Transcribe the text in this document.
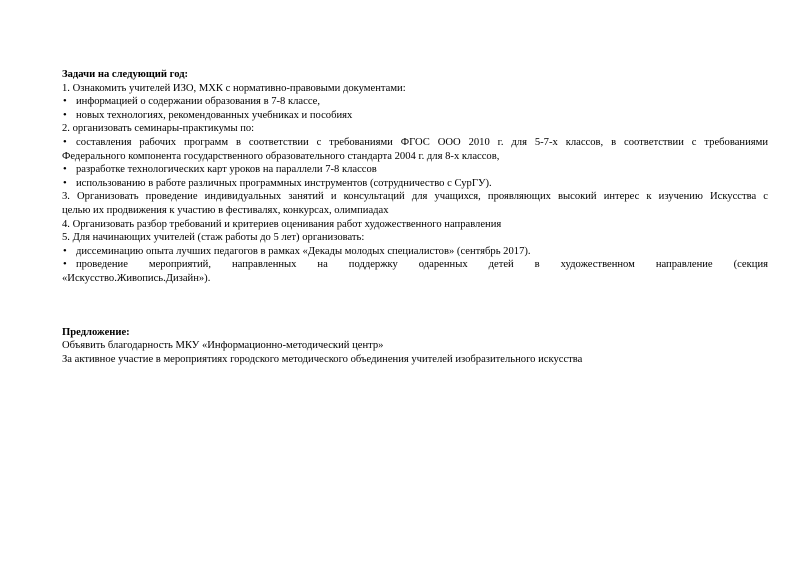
Задачи на следующий год:
1. Ознакомить учителей ИЗО, МХК с нормативно-правовыми документами:
• информацией о содержании образования в 7-8 классе,
• новых технологиях, рекомендованных учебниках и пособиях
2. организовать семинары-практикумы по:
• составления рабочих программ в соответствии с требованиями ФГОС ООО 2010 г. для 5-7-х классов, в соответствии с требованиями
Федерального компонента государственного образовательного стандарта 2004 г. для 8-х классов,
• разработке технологических карт уроков на параллели 7-8 классов
• использованию в работе различных программных инструментов (сотрудничество с СурГУ).
3. Организовать проведение индивидуальных занятий и консультаций для учащихся, проявляющих высокий интерес к изучению Искусства с
целью их продвижения к участию в фестивалях, конкурсах, олимпиадах
4. Организовать разбор требований и критериев оценивания работ художественного направления
5. Для начинающих учителей (стаж работы до 5 лет) организовать:
• диссеминацию опыта лучших педагогов в рамках «Декады молодых специалистов» (сентябрь 2017).
• проведение мероприятий, направленных на поддержку одаренных детей в художественном направление (секция
«Искусство.Живопись.Дизайн»).
Предложение:
Объявить благодарность МКУ «Информационно-методический центр»
За активное участие в мероприятиях городского методического объединения учителей изобразительного искусства
